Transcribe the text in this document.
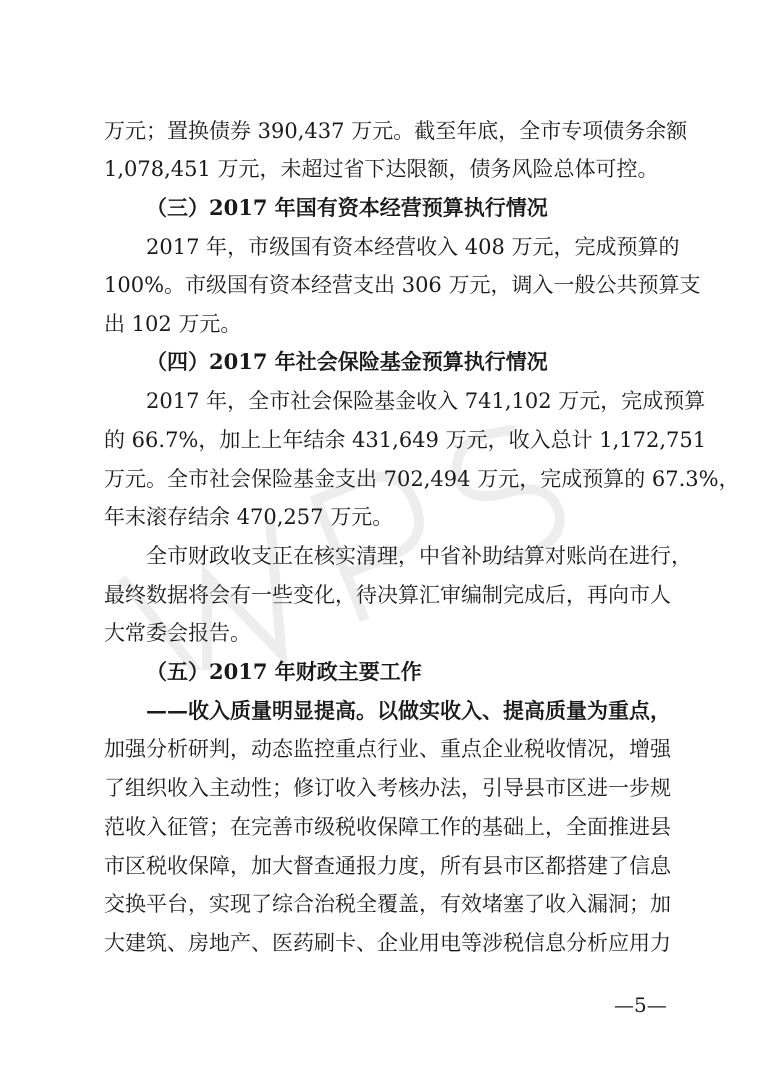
万元；置换债券 390,437 万元。截至年底，全市专项债务余额
1,078,451 万元，未超过省下达限额，债务风险总体可控。
（三）2017 年国有资本经营预算执行情况
2017 年，市级国有资本经营收入 408 万元，完成预算的
100%。市级国有资本经营支出 306 万元，调入一般公共预算支
出 102 万元。
（四）2017 年社会保险基金预算执行情况
2017 年，全市社会保险基金收入 741,102 万元，完成预算
的 66.7%，加上上年结余 431,649 万元，收入总计 1,172,751
万元。全市社会保险基金支出 702,494 万元，完成预算的 67.3%，
年末滚存结余 470,257 万元。
全市财政收支正在核实清理，中省补助结算对账尚在进行，
最终数据将会有一些变化，待决算汇审编制完成后，再向市人
大常委会报告。
（五）2017 年财政主要工作
——收入质量明显提高。以做实收入、提高质量为重点，
加强分析研判，动态监控重点行业、重点企业税收情况，增强
了组织收入主动性；修订收入考核办法，引导县市区进一步规
范收入征管；在完善市级税收保障工作的基础上，全面推进县
市区税收保障，加大督查通报力度，所有县市区都搭建了信息
交换平台，实现了综合治税全覆盖，有效堵塞了收入漏洞；加
大建筑、房地产、医药刷卡、企业用电等涉税信息分析应用力
—5—
